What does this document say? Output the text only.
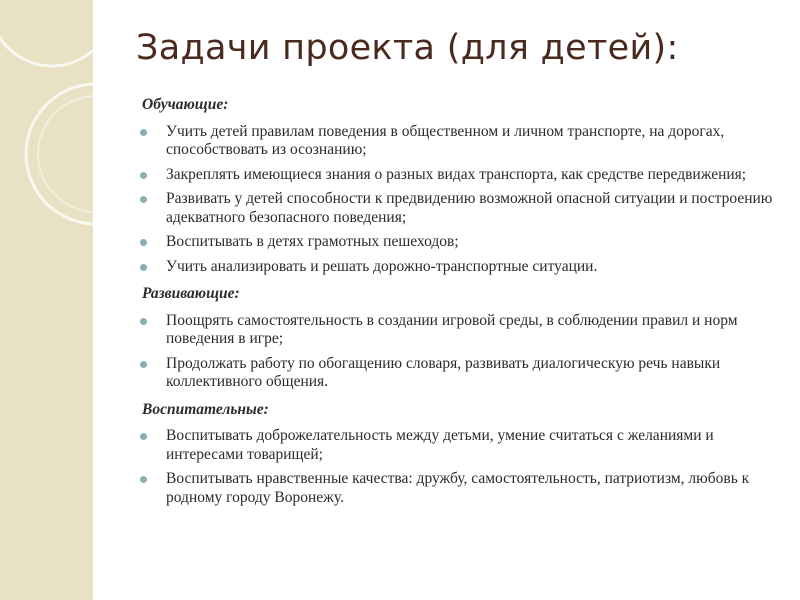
Задачи проекта (для детей):
Обучающие:
Учить детей правилам поведения в общественном и личном транспорте, на дорогах, способствовать из осознанию;
Закреплять имеющиеся знания о разных видах транспорта, как средстве передвижения;
Развивать у детей способности к предвидению возможной опасной ситуации и построению адекватного безопасного поведения;
Воспитывать в детях грамотных пешеходов;
Учить анализировать и решать дорожно-транспортные ситуации.
Развивающие:
Поощрять самостоятельность в создании игровой среды, в соблюдении правил и норм поведения в игре;
Продолжать работу по обогащению словаря, развивать диалогическую речь навыки коллективного общения.
Воспитательные:
Воспитывать доброжелательность между детьми, умение считаться с желаниями и интересами товарищей;
Воспитывать нравственные качества: дружбу, самостоятельность, патриотизм, любовь к родному городу Воронежу.
